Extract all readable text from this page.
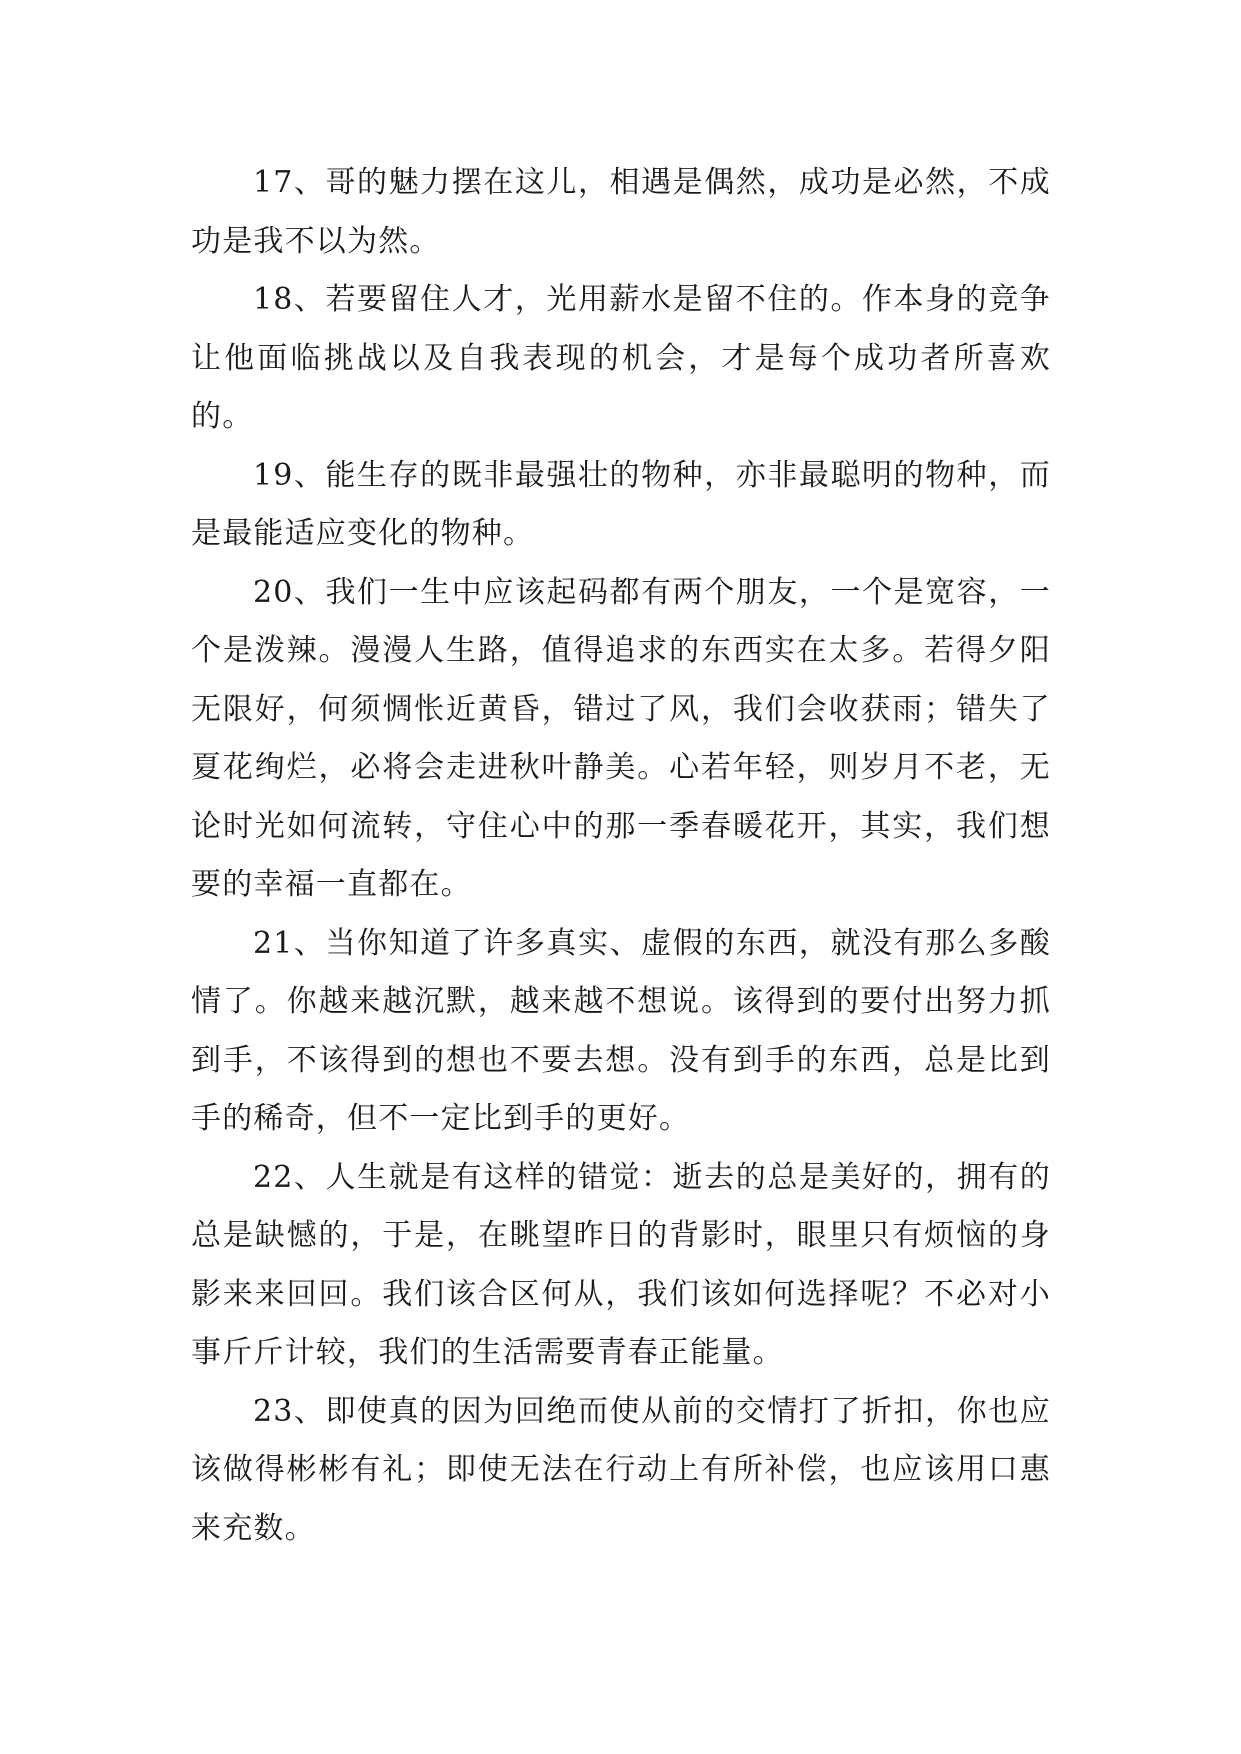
17、哥的魅力摆在这儿，相遇是偶然，成功是必然，不成功是我不以为然。

18、若要留住人才，光用薪水是留不住的。作本身的竞争让他面临挑战以及自我表现的机会，才是每个成功者所喜欢的。

19、能生存的既非最强壮的物种，亦非最聪明的物种，而是最能适应变化的物种。

20、我们一生中应该起码都有两个朋友，一个是宽容，一个是泼辣。漫漫人生路，值得追求的东西实在太多。若得夕阳无限好，何须惆怅近黄昏，错过了风，我们会收获雨；错失了夏花绚烂，必将会走进秋叶静美。心若年轻，则岁月不老，无论时光如何流转，守住心中的那一季春暖花开，其实，我们想要的幸福一直都在。

21、当你知道了许多真实、虚假的东西，就没有那么多酸情了。你越来越沉默，越来越不想说。该得到的要付出努力抓到手，不该得到的想也不要去想。没有到手的东西，总是比到手的稀奇，但不一定比到手的更好。

22、人生就是有这样的错觉：逝去的总是美好的，拥有的总是缺憾的，于是，在眺望昨日的背影时，眼里只有烦恼的身影来来回回。我们该合区何从，我们该如何选择呢？不必对小事斤斤计较，我们的生活需要青春正能量。

23、即使真的因为回绝而使从前的交情打了折扣，你也应该做得彬彬有礼；即使无法在行动上有所补偿，也应该用口惠来充数。
